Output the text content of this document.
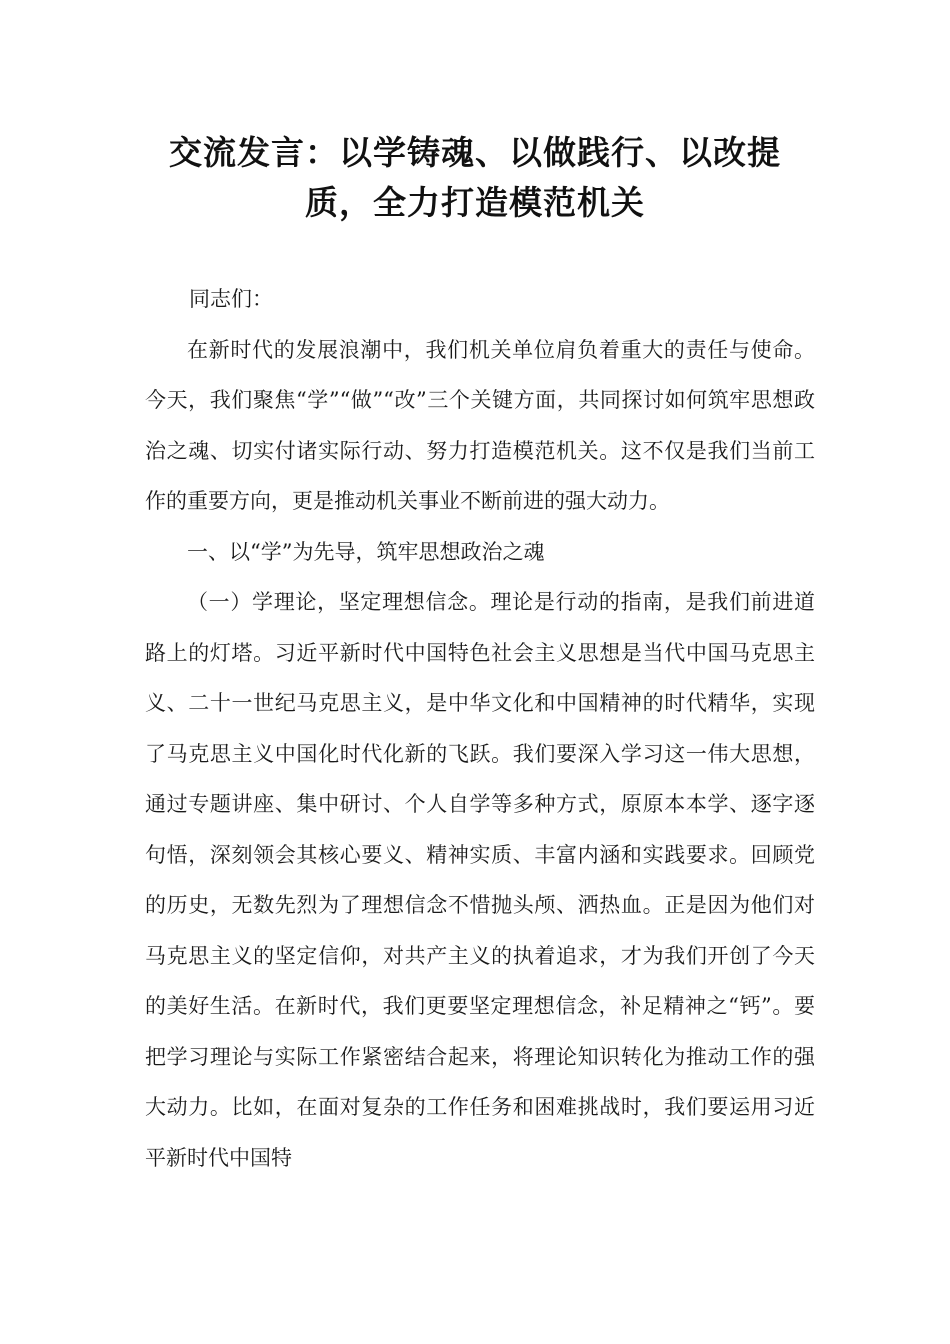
交流发言：以学铸魂、以做践行、以改提
质，全力打造模范机关

同志们：

在新时代的发展浪潮中，我们机关单位肩负着重大的责任与使命。今天，我们聚焦“学”“做”“改”三个关键方面，共同探讨如何筑牢思想政治之魂、切实付诸实际行动、努力打造模范机关。这不仅是我们当前工作的重要方向，更是推动机关事业不断前进的强大动力。

一、以“学”为先导，筑牢思想政治之魂

（一）学理论，坚定理想信念。理论是行动的指南，是我们前进道路上的灯塔。习近平新时代中国特色社会主义思想是当代中国马克思主义、二十一世纪马克思主义，是中华文化和中国精神的时代精华，实现了马克思主义中国化时代化新的飞跃。我们要深入学习这一伟大思想，通过专题讲座、集中研讨、个人自学等多种方式，原原本本学、逐字逐句悟，深刻领会其核心要义、精神实质、丰富内涵和实践要求。回顾党的历史，无数先烈为了理想信念不惜抛头颅、洒热血。正是因为他们对马克思主义的坚定信仰，对共产主义的执着追求，才为我们开创了今天的美好生活。在新时代，我们更要坚定理想信念，补足精神之“钙”。要把学习理论与实际工作紧密结合起来，将理论知识转化为推动工作的强大动力。比如，在面对复杂的工作任务和困难挑战时，我们要运用习近平新时代中国特
